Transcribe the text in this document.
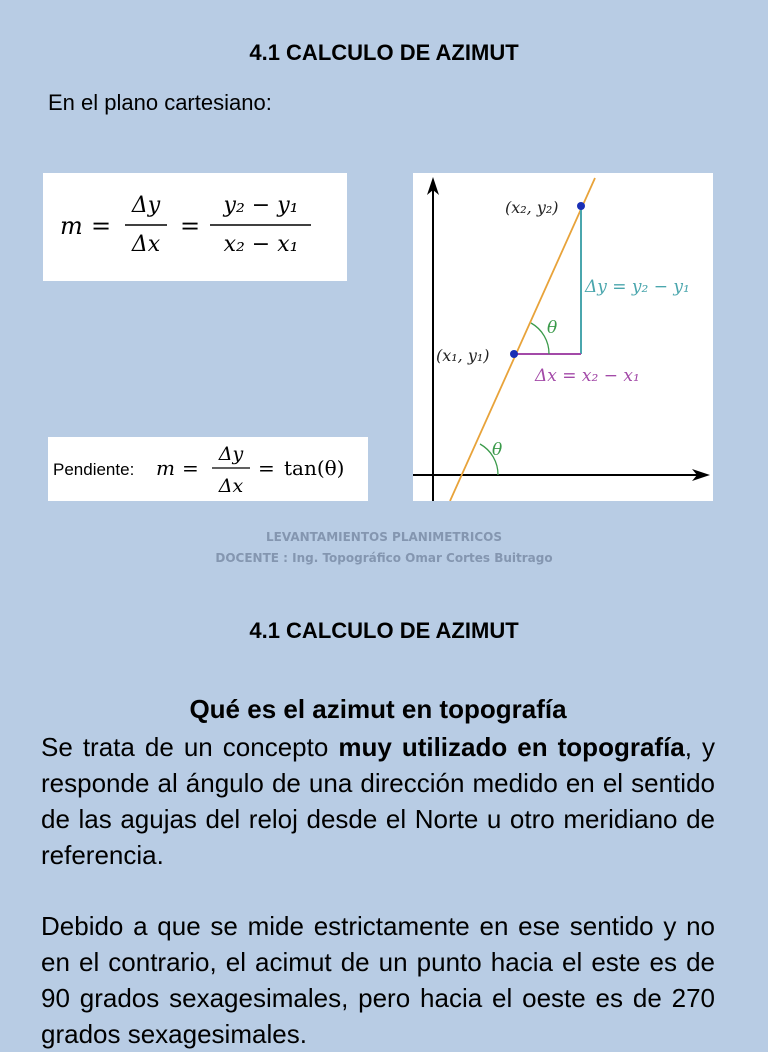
4.1 CALCULO DE AZIMUT
En el plano cartesiano:
m =
Δy
Δx
=
y₂ − y₁
x₂ − x₁
Pendiente: m =
Δy
Δx
= tan(θ)
(x₂, y₂)
(x₁, y₁)
Δy = y₂ − y₁
Δx = x₂ − x₁
θ
θ
LEVANTAMIENTOS PLANIMETRICOS
DOCENTE : Ing. Topográfico Omar Cortes Buitrago
4.1 CALCULO DE AZIMUT
Qué es el azimut en topografía
Se trata de un concepto muy utilizado en topografía, y responde al ángulo de una dirección medido en el sentido de las agujas del reloj desde el Norte u otro meridiano de referencia.
Debido a que se mide estrictamente en ese sentido y no en el contrario, el acimut de un punto hacia el este es de 90 grados sexagesimales, pero hacia el oeste es de 270 grados sexagesimales.
